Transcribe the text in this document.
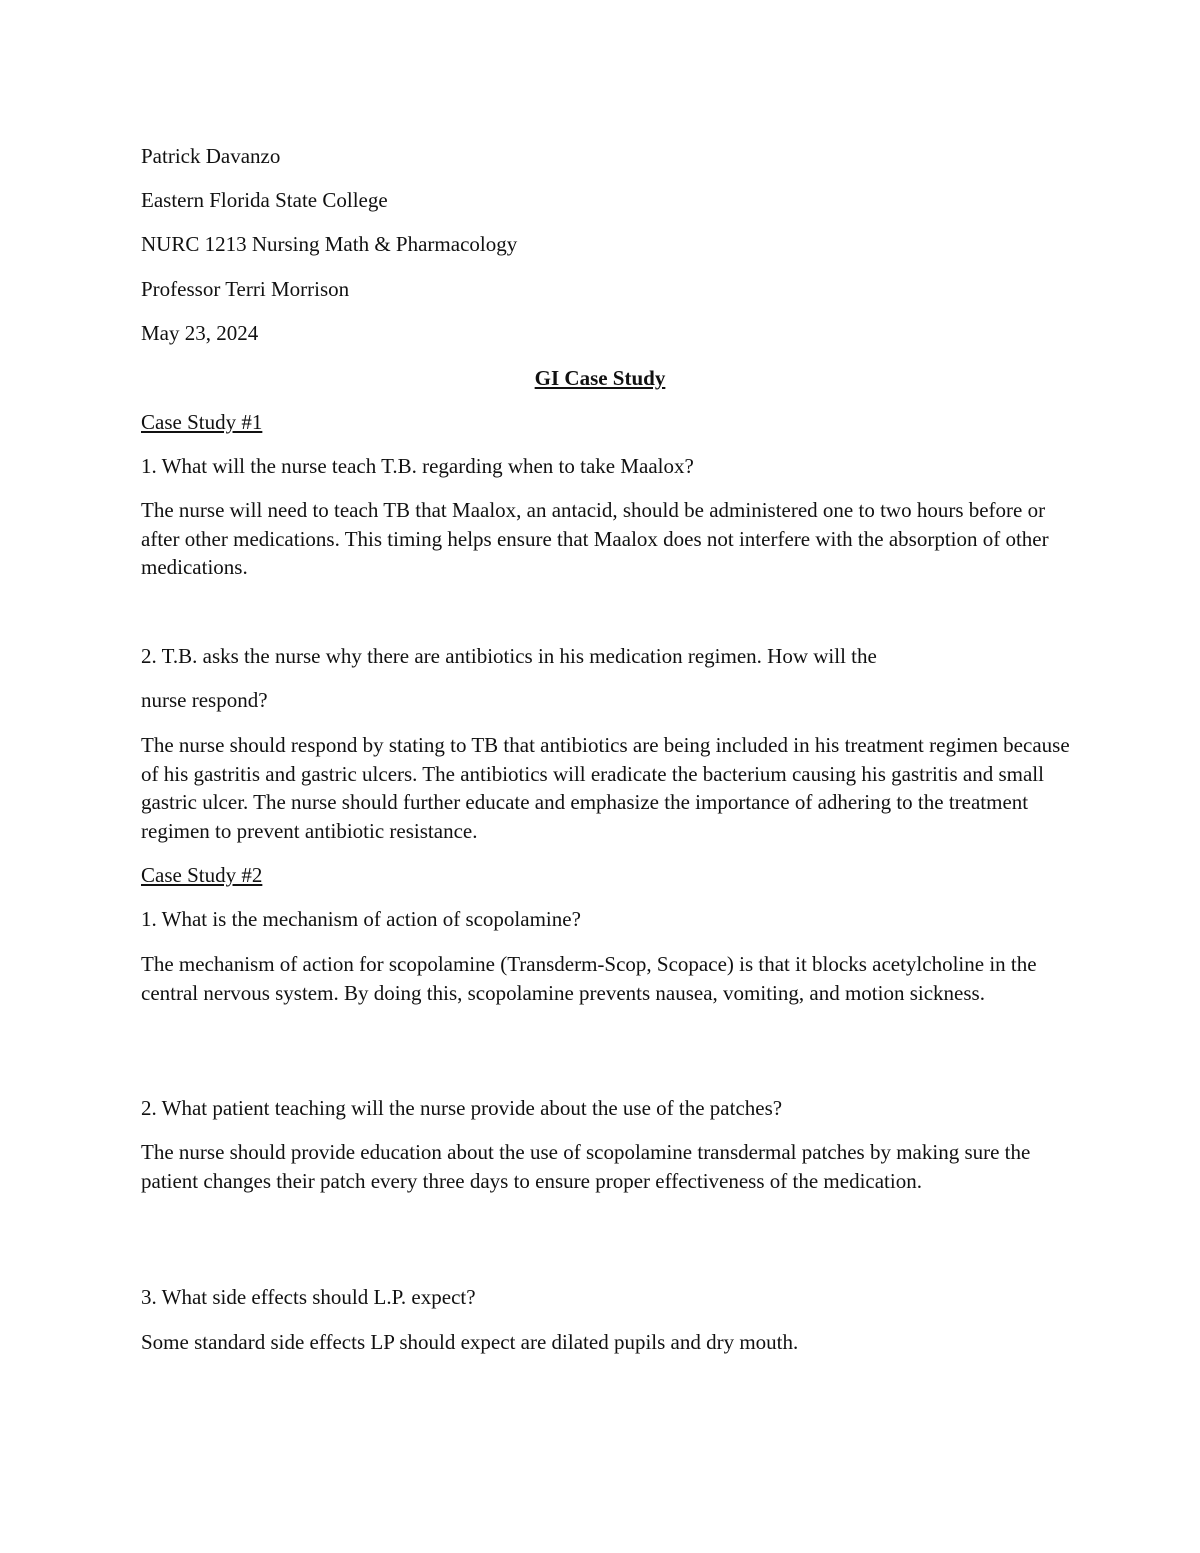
Patrick Davanzo
Eastern Florida State College
NURC 1213 Nursing Math & Pharmacology
Professor Terri Morrison
May 23, 2024
GI Case Study
Case Study #1
1. What will the nurse teach T.B. regarding when to take Maalox?

The nurse will need to teach TB that Maalox, an antacid, should be administered one to two hours before or after other medications. This timing helps ensure that Maalox does not interfere with the absorption of other medications.

2. T.B. asks the nurse why there are antibiotics in his medication regimen. How will the
nurse respond?

The nurse should respond by stating to TB that antibiotics are being included in his treatment regimen because of his gastritis and gastric ulcers. The antibiotics will eradicate the bacterium causing his gastritis and small gastric ulcer. The nurse should further educate and emphasize the importance of adhering to the treatment regimen to prevent antibiotic resistance.

Case Study #2
1. What is the mechanism of action of scopolamine?

The mechanism of action for scopolamine (Transderm-Scop, Scopace) is that it blocks acetylcholine in the central nervous system. By doing this, scopolamine prevents nausea, vomiting, and motion sickness.

2. What patient teaching will the nurse provide about the use of the patches?

The nurse should provide education about the use of scopolamine transdermal patches by making sure the patient changes their patch every three days to ensure proper effectiveness of the medication.

3. What side effects should L.P. expect?
Some standard side effects LP should expect are dilated pupils and dry mouth.
